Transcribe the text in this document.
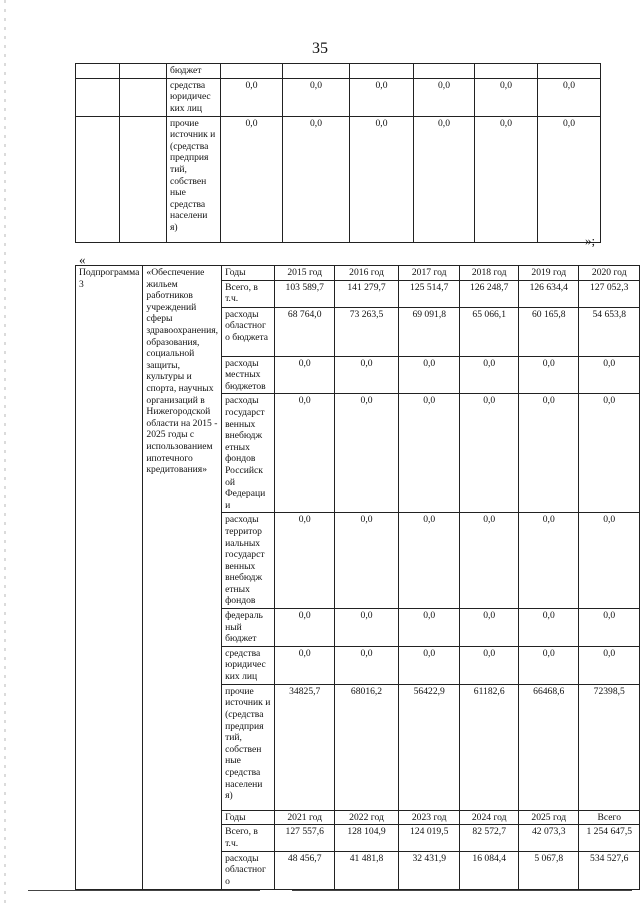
35
		бюджет						
		средства юридичес ких лиц	0,0	0,0	0,0	0,0	0,0	0,0
		прочие источник и (средства предприя тий, собствен ные средства населени я)	0,0	0,0	0,0	0,0	0,0	0,0
»;
«
Подпрограмма 3	«Обеспечение жильем работников учреждений сферы здравоохранения, образования, социальной защиты, культуры и спорта, научных организаций в Нижегородской области на 2015 - 2025 годы с использованием ипотечного кредитования»	Годы	2015 год	2016 год	2017 год	2018 год	2019 год	2020 год
		Всего, в т.ч.	103 589,7	141 279,7	125 514,7	126 248,7	126 634,4	127 052,3
		расходы областног о бюджета	68 764,0	73 263,5	69 091,8	65 066,1	60 165,8	54 653,8
		расходы местных бюджетов	0,0	0,0	0,0	0,0	0,0	0,0
		расходы государст венных внебюдж етных фондов Российск ой Федераци и	0,0	0,0	0,0	0,0	0,0	0,0
		расходы территор иальных государст венных внебюдж етных фондов	0,0	0,0	0,0	0,0	0,0	0,0
		федераль ный бюджет	0,0	0,0	0,0	0,0	0,0	0,0
		средства юридичес ких лиц	0,0	0,0	0,0	0,0	0,0	0,0
		прочие источник и (средства предприя тий, собствен ные средства населени я)	34825,7	68016,2	56422,9	61182,6	66468,6	72398,5
		Годы	2021 год	2022 год	2023 год	2024 год	2025 год	Всего
		Всего, в т.ч.	127 557,6	128 104,9	124 019,5	82 572,7	42 073,3	1 254 647,5
		расходы областног о	48 456,7	41 481,8	32 431,9	16 084,4	5 067,8	534 527,6
